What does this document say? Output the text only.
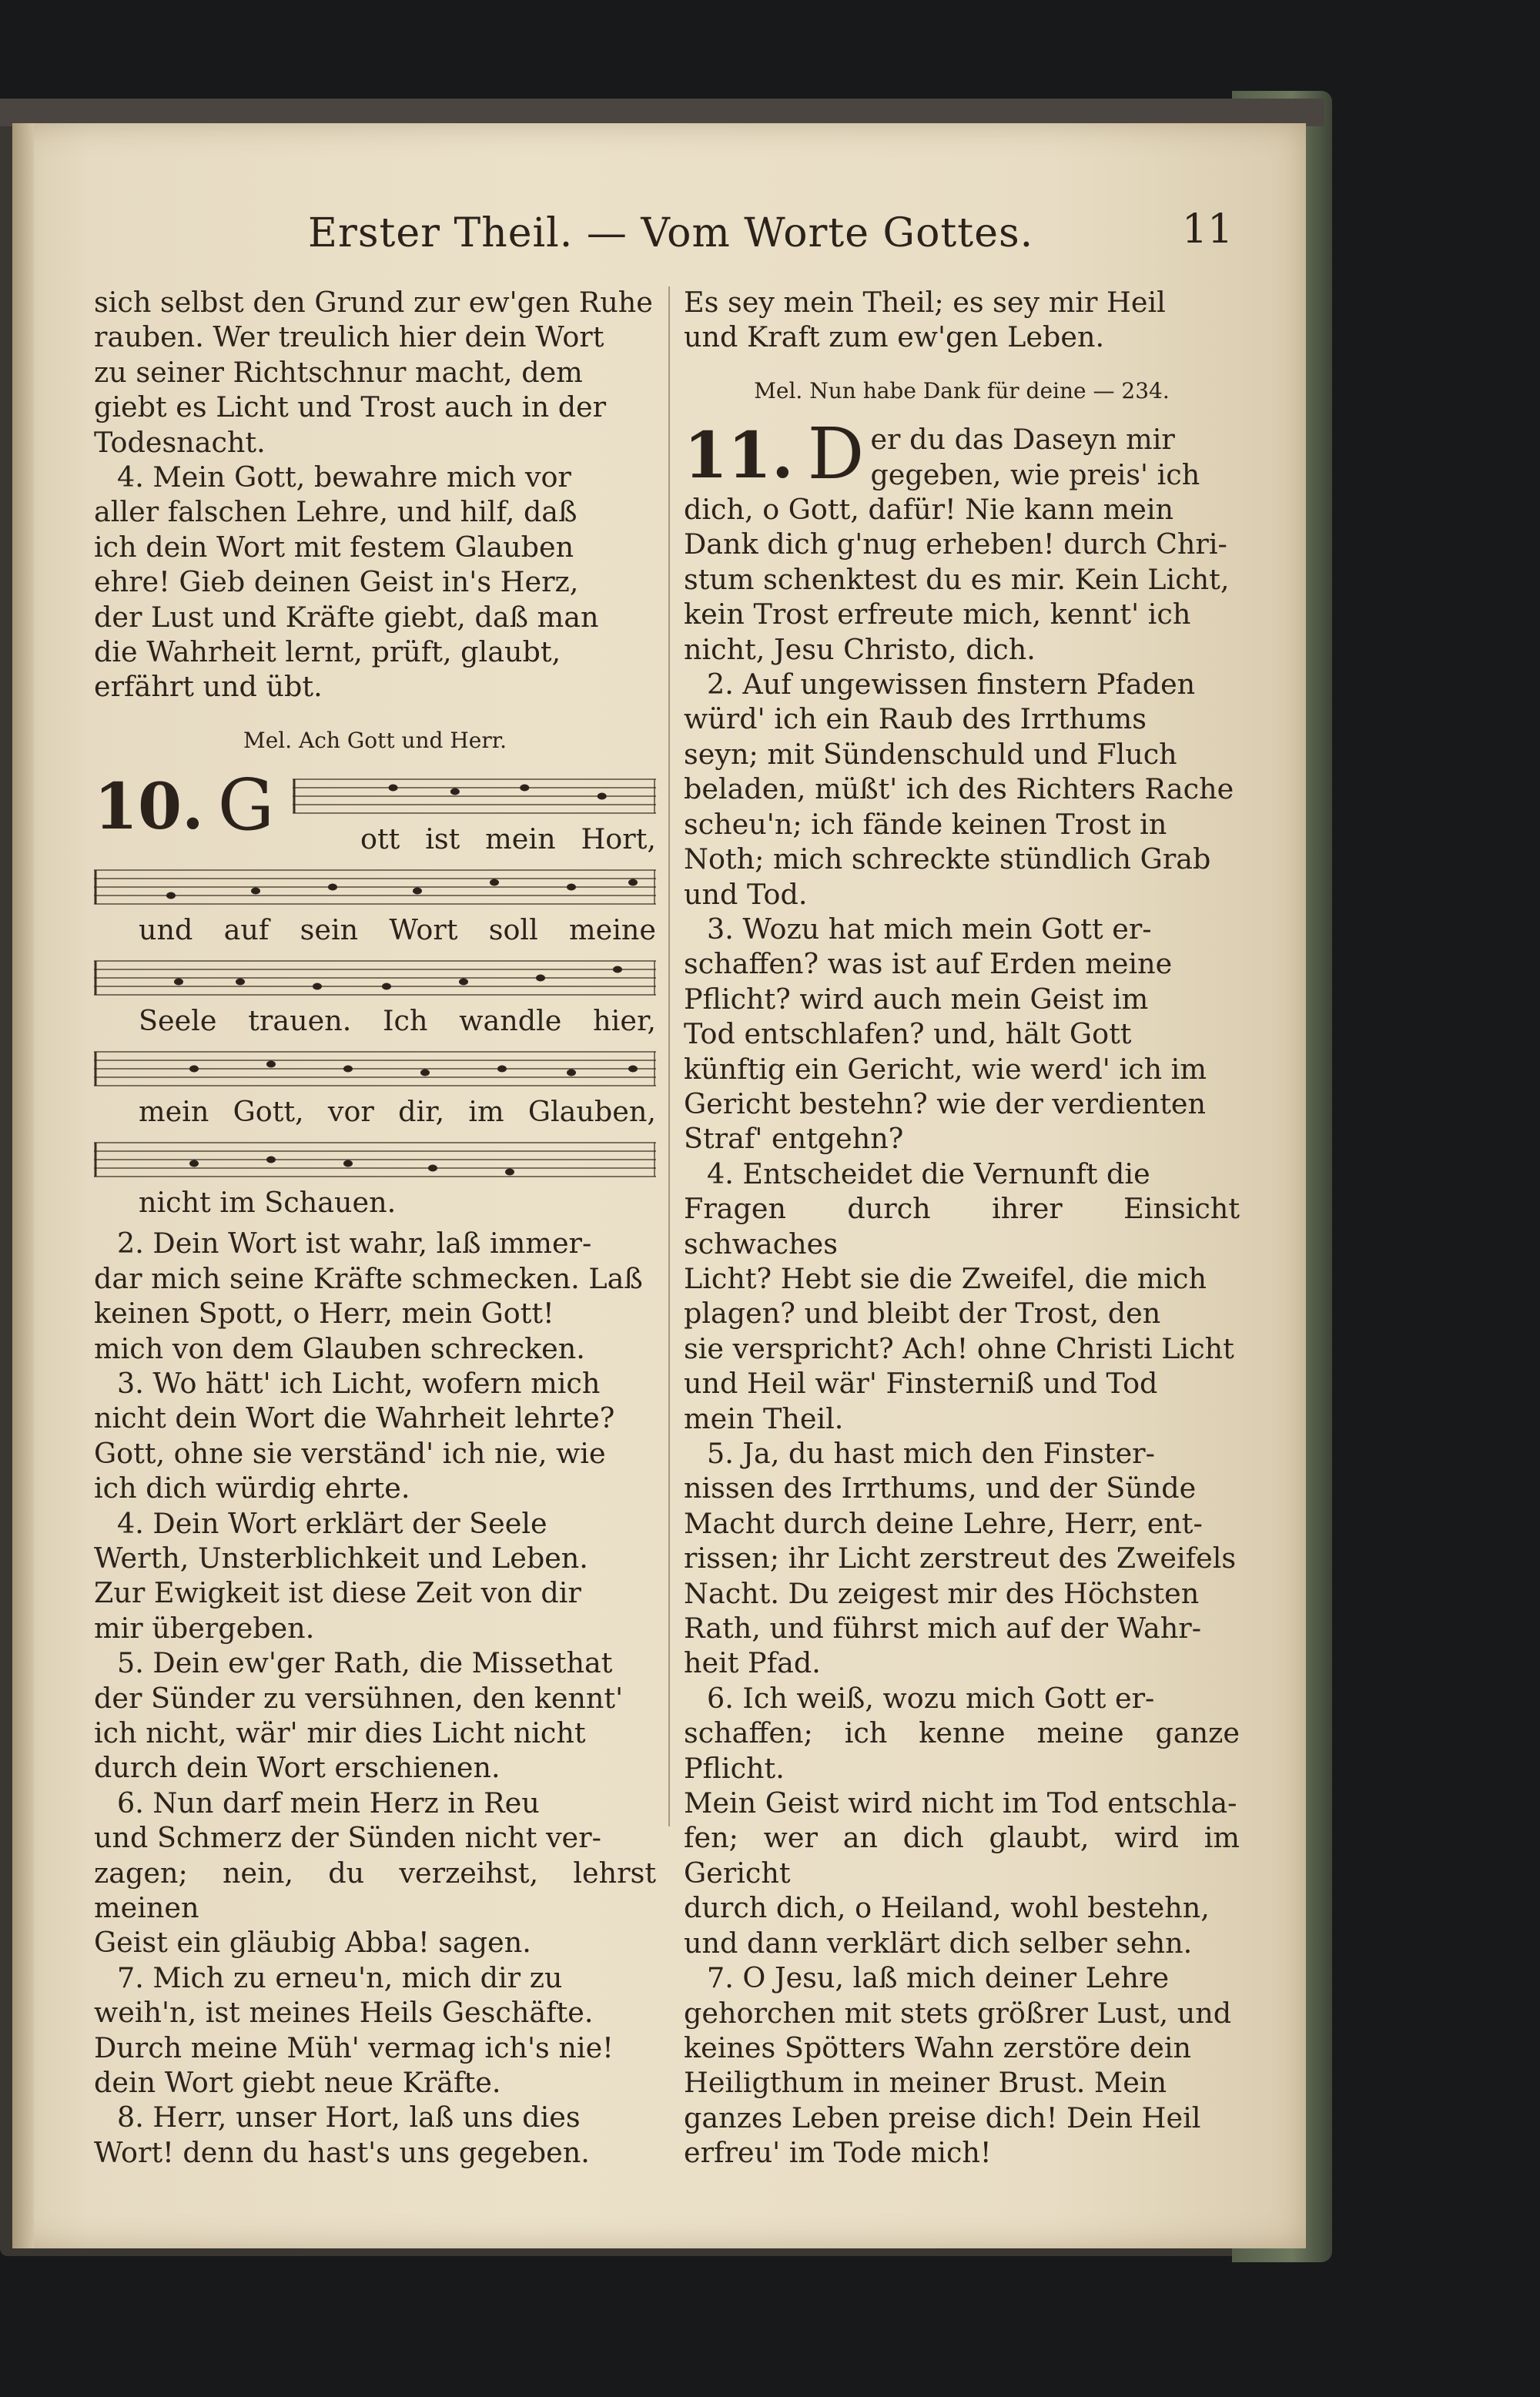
Erster Theil. — Vom Worte Gottes.	11

sich selbst den Grund zur ew'gen Ruhe

rauben. Wer treulich hier dein Wort

zu seiner Richtschnur macht, dem

giebt es Licht und Trost auch in der

Todesnacht.

4. Mein Gott, bewahre mich vor

aller falschen Lehre, und hilf, daß

ich dein Wort mit festem Glauben

ehre! Gieb deinen Geist in's Herz,

der Lust und Kräfte giebt, daß man

die Wahrheit lernt, prüft, glaubt,

erfährt und übt.

Mel. Ach Gott und Herr.

10. G	ott ist mein Hort,
und auf sein Wort soll meine
Seele trauen. Ich wandle hier,
mein Gott, vor dir, im Glauben,
nicht im Schauen.

2. Dein Wort ist wahr, laß immer-

dar mich seine Kräfte schmecken. Laß

keinen Spott, o Herr, mein Gott!

mich von dem Glauben schrecken.

3. Wo hätt' ich Licht, wofern mich

nicht dein Wort die Wahrheit lehrte?

Gott, ohne sie verständ' ich nie, wie

ich dich würdig ehrte.

4. Dein Wort erklärt der Seele

Werth, Unsterblichkeit und Leben.

Zur Ewigkeit ist diese Zeit von dir

mir übergeben.

5. Dein ew'ger Rath, die Missethat

der Sünder zu versühnen, den kennt'

ich nicht, wär' mir dies Licht nicht

durch dein Wort erschienen.

6. Nun darf mein Herz in Reu

und Schmerz der Sünden nicht ver-

zagen; nein, du verzeihst, lehrst meinen

Geist ein gläubig Abba! sagen.

7. Mich zu erneu'n, mich dir zu

weih'n, ist meines Heils Geschäfte.

Durch meine Müh' vermag ich's nie!

dein Wort giebt neue Kräfte.

8. Herr, unser Hort, laß uns dies

Wort! denn du hast's uns gegeben.

Es sey mein Theil; es sey mir Heil

und Kraft zum ew'gen Leben.

Mel. Nun habe Dank für deine — 234.

11. D er du das Daseyn mir

gegeben, wie preis' ich

dich, o Gott, dafür! Nie kann mein

Dank dich g'nug erheben! durch Chri-

stum schenktest du es mir. Kein Licht,

kein Trost erfreute mich, kennt' ich

nicht, Jesu Christo, dich.

2. Auf ungewissen finstern Pfaden

würd' ich ein Raub des Irrthums

seyn; mit Sündenschuld und Fluch

beladen, müßt' ich des Richters Rache

scheu'n; ich fände keinen Trost in

Noth; mich schreckte stündlich Grab

und Tod.

3. Wozu hat mich mein Gott er-

schaffen? was ist auf Erden meine

Pflicht? wird auch mein Geist im

Tod entschlafen? und, hält Gott

künftig ein Gericht, wie werd' ich im

Gericht bestehn? wie der verdienten

Straf' entgehn?

4. Entscheidet die Vernunft die

Fragen durch ihrer Einsicht schwaches

Licht? Hebt sie die Zweifel, die mich

plagen? und bleibt der Trost, den

sie verspricht? Ach! ohne Christi Licht

und Heil wär' Finsterniß und Tod

mein Theil.

5. Ja, du hast mich den Finster-

nissen des Irrthums, und der Sünde

Macht durch deine Lehre, Herr, ent-

rissen; ihr Licht zerstreut des Zweifels

Nacht. Du zeigest mir des Höchsten

Rath, und führst mich auf der Wahr-

heit Pfad.

6. Ich weiß, wozu mich Gott er-

schaffen; ich kenne meine ganze Pflicht.

Mein Geist wird nicht im Tod entschla-

fen; wer an dich glaubt, wird im Gericht

durch dich, o Heiland, wohl bestehn,

und dann verklärt dich selber sehn.

7. O Jesu, laß mich deiner Lehre

gehorchen mit stets größrer Lust, und

keines Spötters Wahn zerstöre dein

Heiligthum in meiner Brust. Mein

ganzes Leben preise dich! Dein Heil

erfreu' im Tode mich!
